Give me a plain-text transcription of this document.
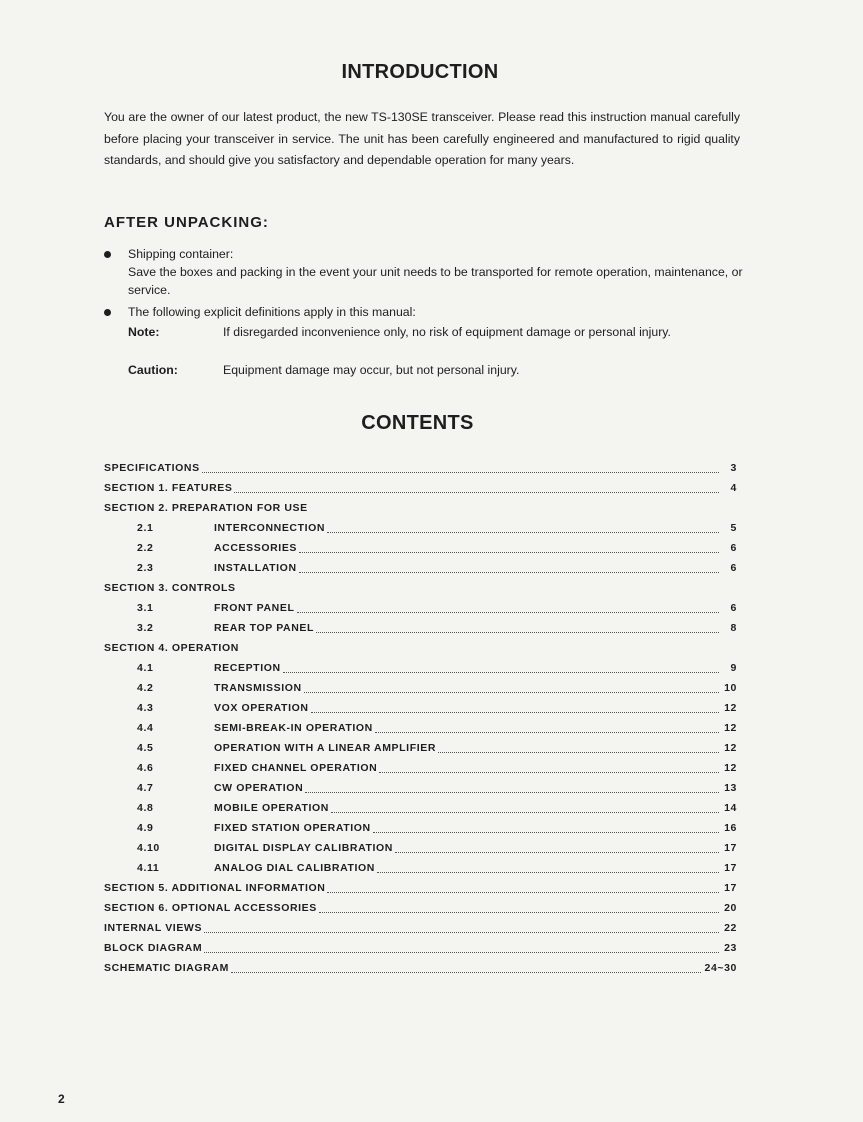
INTRODUCTION

You are the owner of our latest product, the new TS-130SE transceiver. Please read this instruction manual carefully before placing your transceiver in service. The unit has been carefully engineered and manufactured to rigid quality standards, and should give you satisfactory and dependable operation for many years.

AFTER UNPACKING:
Shipping container:
Save the boxes and packing in the event your unit needs to be transported for remote operation, maintenance, or service.
The following explicit definitions apply in this manual:
Note:	If disregarded inconvenience only, no risk of equipment damage or personal injury.
Caution:	Equipment damage may occur, but not personal injury.
CONTENTS
SPECIFICATIONS	3
SECTION 1. FEATURES	4
SECTION 2. PREPARATION FOR USE
2.1	INTERCONNECTION	5
2.2	ACCESSORIES	6
2.3	INSTALLATION	6
SECTION 3. CONTROLS
3.1	FRONT PANEL	6
3.2	REAR TOP PANEL	8
SECTION 4. OPERATION
4.1	RECEPTION	9
4.2	TRANSMISSION	10
4.3	VOX OPERATION	12
4.4	SEMI-BREAK-IN OPERATION	12
4.5	OPERATION WITH A LINEAR AMPLIFIER	12
4.6	FIXED CHANNEL OPERATION	12
4.7	CW OPERATION	13
4.8	MOBILE OPERATION	14
4.9	FIXED STATION OPERATION	16
4.10	DIGITAL DISPLAY CALIBRATION	17
4.11	ANALOG DIAL CALIBRATION	17
SECTION 5. ADDITIONAL INFORMATION	17
SECTION 6. OPTIONAL ACCESSORIES	20
INTERNAL VIEWS	22
BLOCK DIAGRAM	23
SCHEMATIC DIAGRAM	24~30
2
